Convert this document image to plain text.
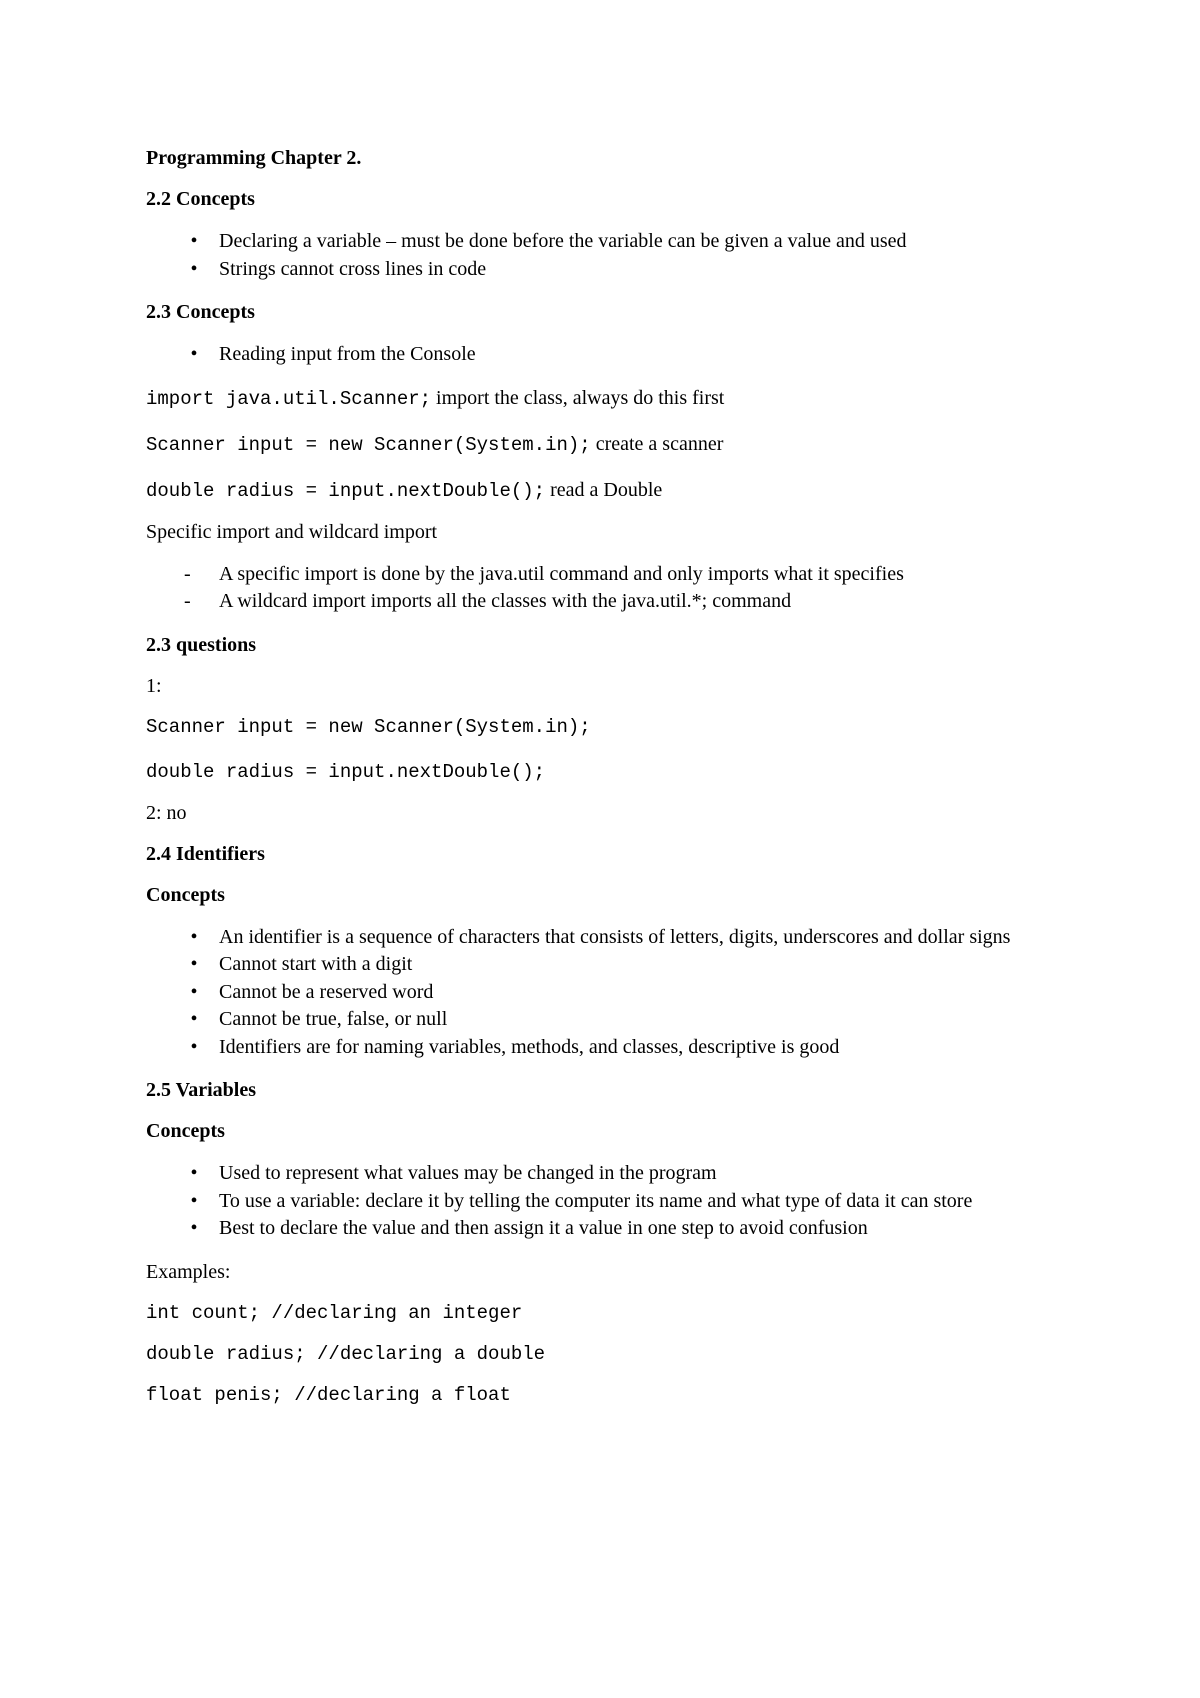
Programming Chapter 2.
2.2 Concepts
•	Declaring a variable – must be done before the variable can be given a value and used
•	Strings cannot cross lines in code
2.3 Concepts
•	Reading input from the Console
import java.util.Scanner; import the class, always do this first
Scanner input = new Scanner(System.in); create a scanner
double radius = input.nextDouble(); read a Double
Specific import and wildcard import
- A specific import is done by the java.util command and only imports what it specifies
- A wildcard import imports all the classes with the java.util.*; command
2.3 questions
1:
Scanner input = new Scanner(System.in);
double radius = input.nextDouble();
2: no
2.4 Identifiers
Concepts
•	An identifier is a sequence of characters that consists of letters, digits, underscores and dollar signs
•	Cannot start with a digit
•	Cannot be a reserved word
•	Cannot be true, false, or null
•	Identifiers are for naming variables, methods, and classes, descriptive is good
2.5 Variables
Concepts
•	Used to represent what values may be changed in the program
•	To use a variable: declare it by telling the computer its name and what type of data it can store
•	Best to declare the value and then assign it a value in one step to avoid confusion
Examples:
int count; //declaring an integer
double radius; //declaring a double
float penis; //declaring a float
